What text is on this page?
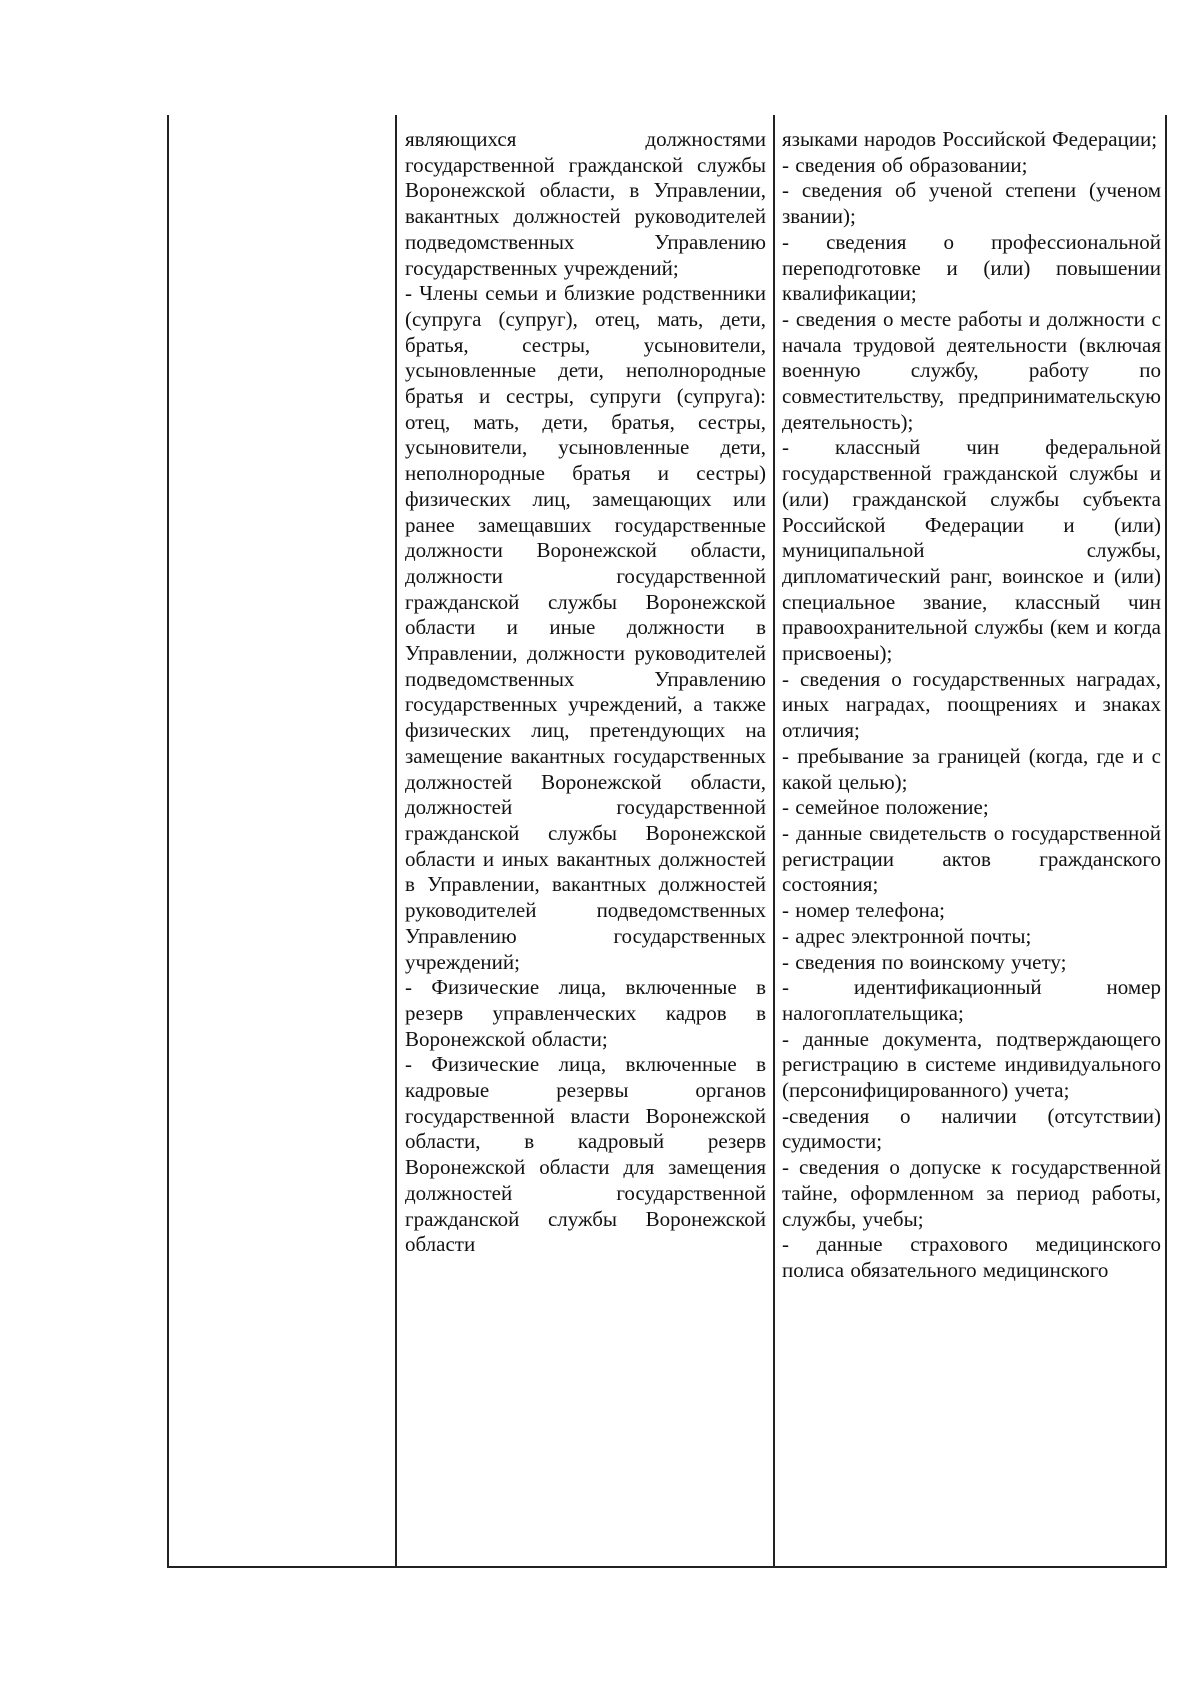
являющихся должностями государственной гражданской службы Воронежской области, в Управлении, вакантных должностей руководителей подведомственных Управлению государственных учреждений;

- Члены семьи и близкие родственники (супруга (супруг), отец, мать, дети, братья, сестры, усыновители, усыновленные дети, неполнородные братья и сестры, супруги (супруга): отец, мать, дети, братья, сестры, усыновители, усыновленные дети, неполнородные братья и сестры) физических лиц, замещающих или ранее замещавших государственные должности Воронежской области, должности государственной гражданской службы Воронежской области и иные должности в Управлении, должности руководителей подведомственных Управлению государственных учреждений, а также физических лиц, претендующих на замещение вакантных государственных должностей Воронежской области, должностей государственной гражданской службы Воронежской области и иных вакантных должностей в Управлении, вакантных должностей руководителей подведомственных Управлению государственных учреждений;

- Физические лица, включенные в резерв управленческих кадров в Воронежской области;

- Физические лица, включенные в кадровые резервы органов государственной власти Воронежской области, в кадровый резерв Воронежской области для замещения должностей государственной гражданской службы Воронежской области

языками народов Российской Федерации;

- сведения об образовании;

- сведения об ученой степени (ученом звании);

- сведения о профессиональной переподготовке и (или) повышении квалификации;

- сведения о месте работы и должности с начала трудовой деятельности (включая военную службу, работу по совместительству, предпринимательскую деятельность);

- классный чин федеральной государственной гражданской службы и (или) гражданской службы субъекта Российской Федерации и (или) муниципальной службы, дипломатический ранг, воинское и (или) специальное звание, классный чин правоохранительной службы (кем и когда присвоены);

- сведения о государственных наградах, иных наградах, поощрениях и знаках отличия;

- пребывание за границей (когда, где и с какой целью);

- семейное положение;

- данные свидетельств о государственной регистрации актов гражданского состояния;

- номер телефона;

- адрес электронной почты;

- сведения по воинскому учету;

- идентификационный номер налогоплательщика;

- данные документа, подтверждающего регистрацию в системе индивидуального (персонифицированного) учета;

-сведения о наличии (отсутствии) судимости;

- сведения о допуске к государственной тайне, оформленном за период работы, службы, учебы;

- данные страхового медицинского полиса обязательного медицинского
